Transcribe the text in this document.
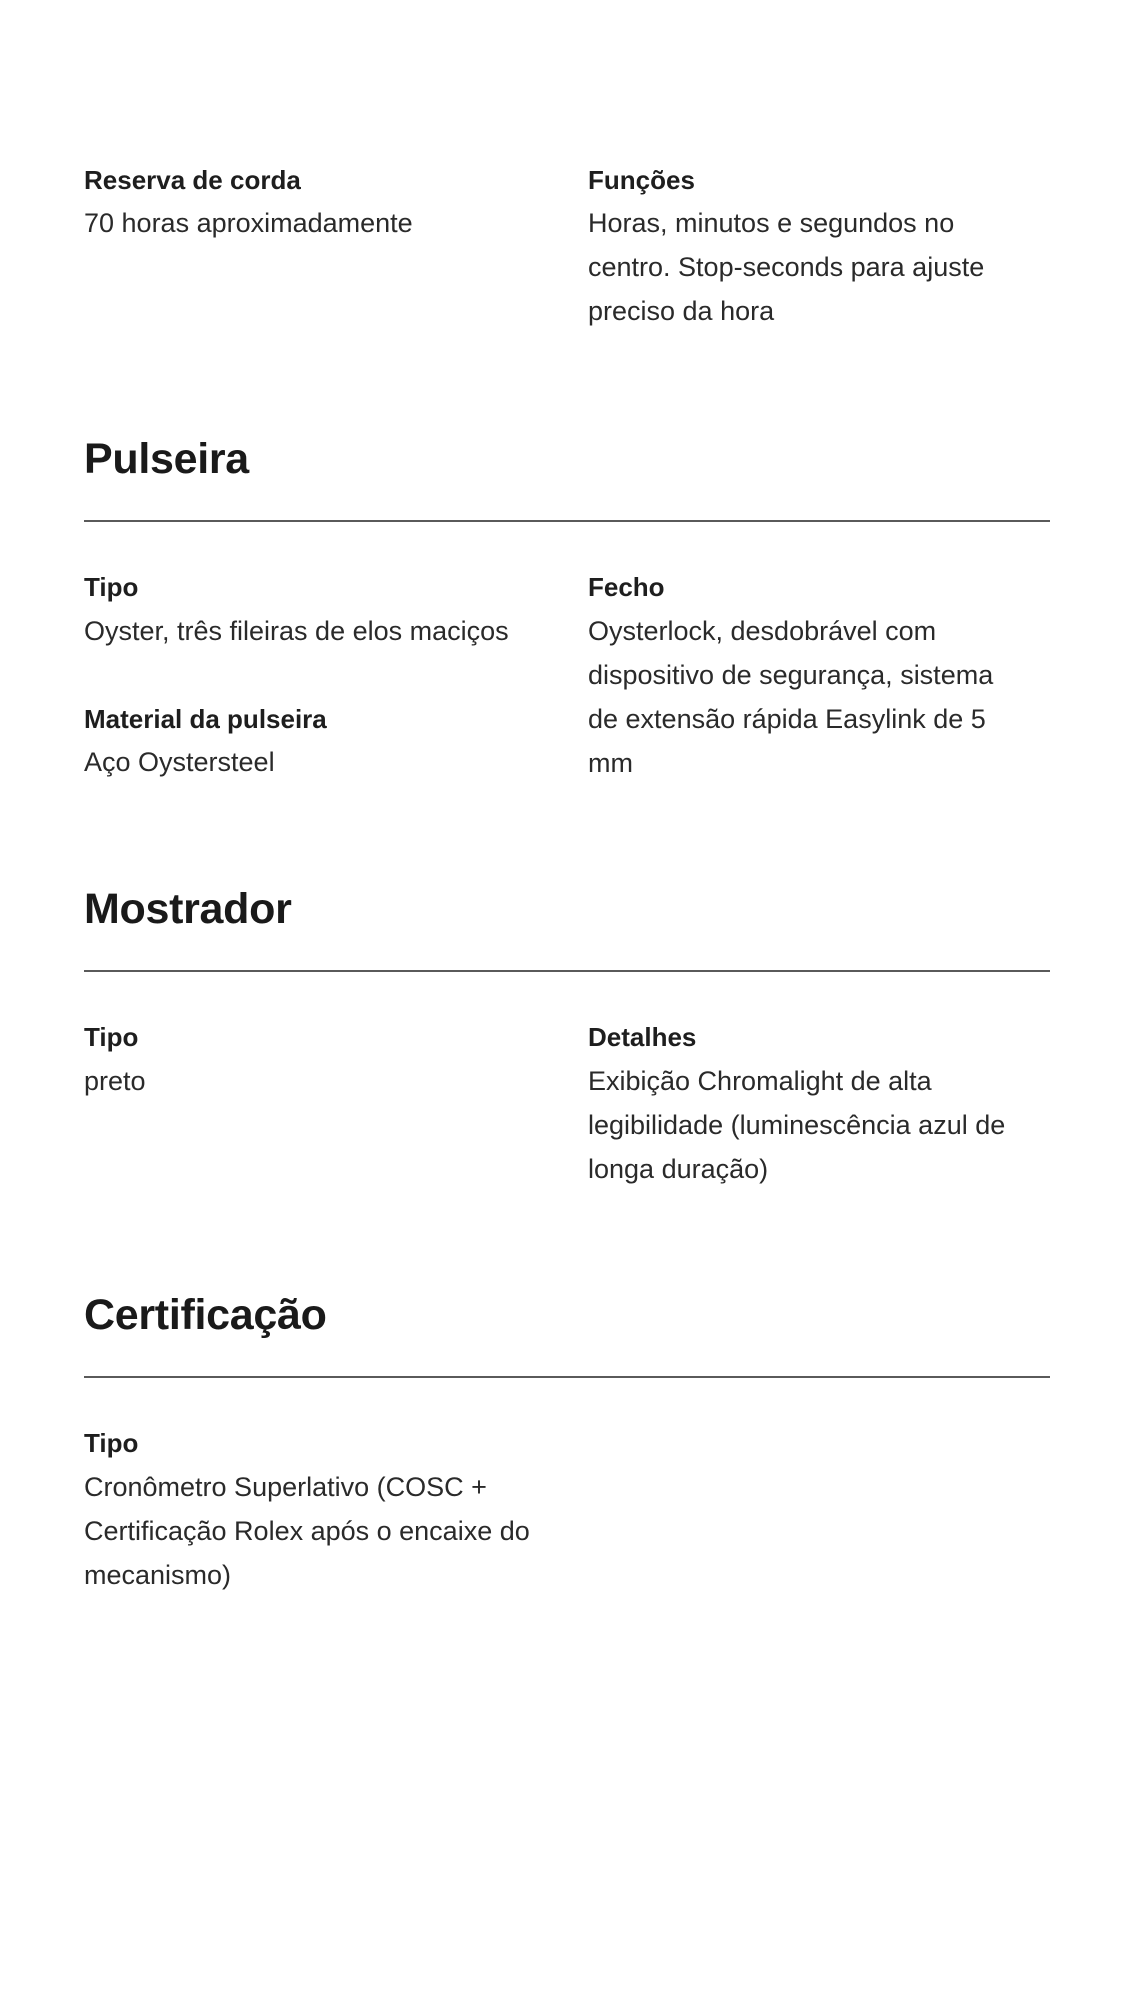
Reserva de corda
70 horas aproximadamente
Funções
Horas, minutos e segundos no centro. Stop-seconds para ajuste preciso da hora
Pulseira
Tipo
Oyster, três fileiras de elos maciços
Material da pulseira
Aço Oystersteel
Fecho
Oysterlock, desdobrável com dispositivo de segurança, sistema de extensão rápida Easylink de 5 mm
Mostrador
Tipo
preto
Detalhes
Exibição Chromalight de alta legibilidade (luminescência azul de longa duração)
Certificação
Tipo
Cronômetro Superlativo (COSC + Certificação Rolex após o encaixe do mecanismo)
